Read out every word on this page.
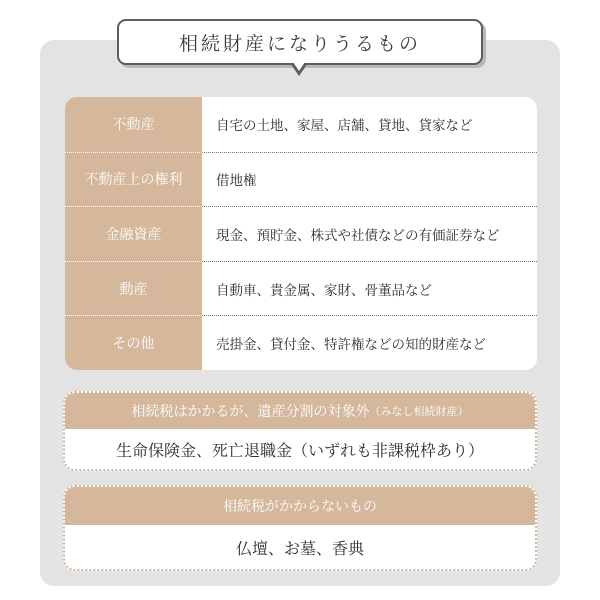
相続財産になりうるもの
不動産	自宅の土地、家屋、店舗、貸地、貸家など
不動産上の権利	借地権
金融資産	現金、預貯金、株式や社債などの有価証券など
動産	自動車、貴金属、家財、骨董品など
その他	売掛金、貸付金、特許権などの知的財産など
相続税はかかるが、遺産分割の対象外 （みなし相続財産）
生命保険金、死亡退職金（いずれも非課税枠あり）
相続税がかからないもの
仏壇、お墓、香典
